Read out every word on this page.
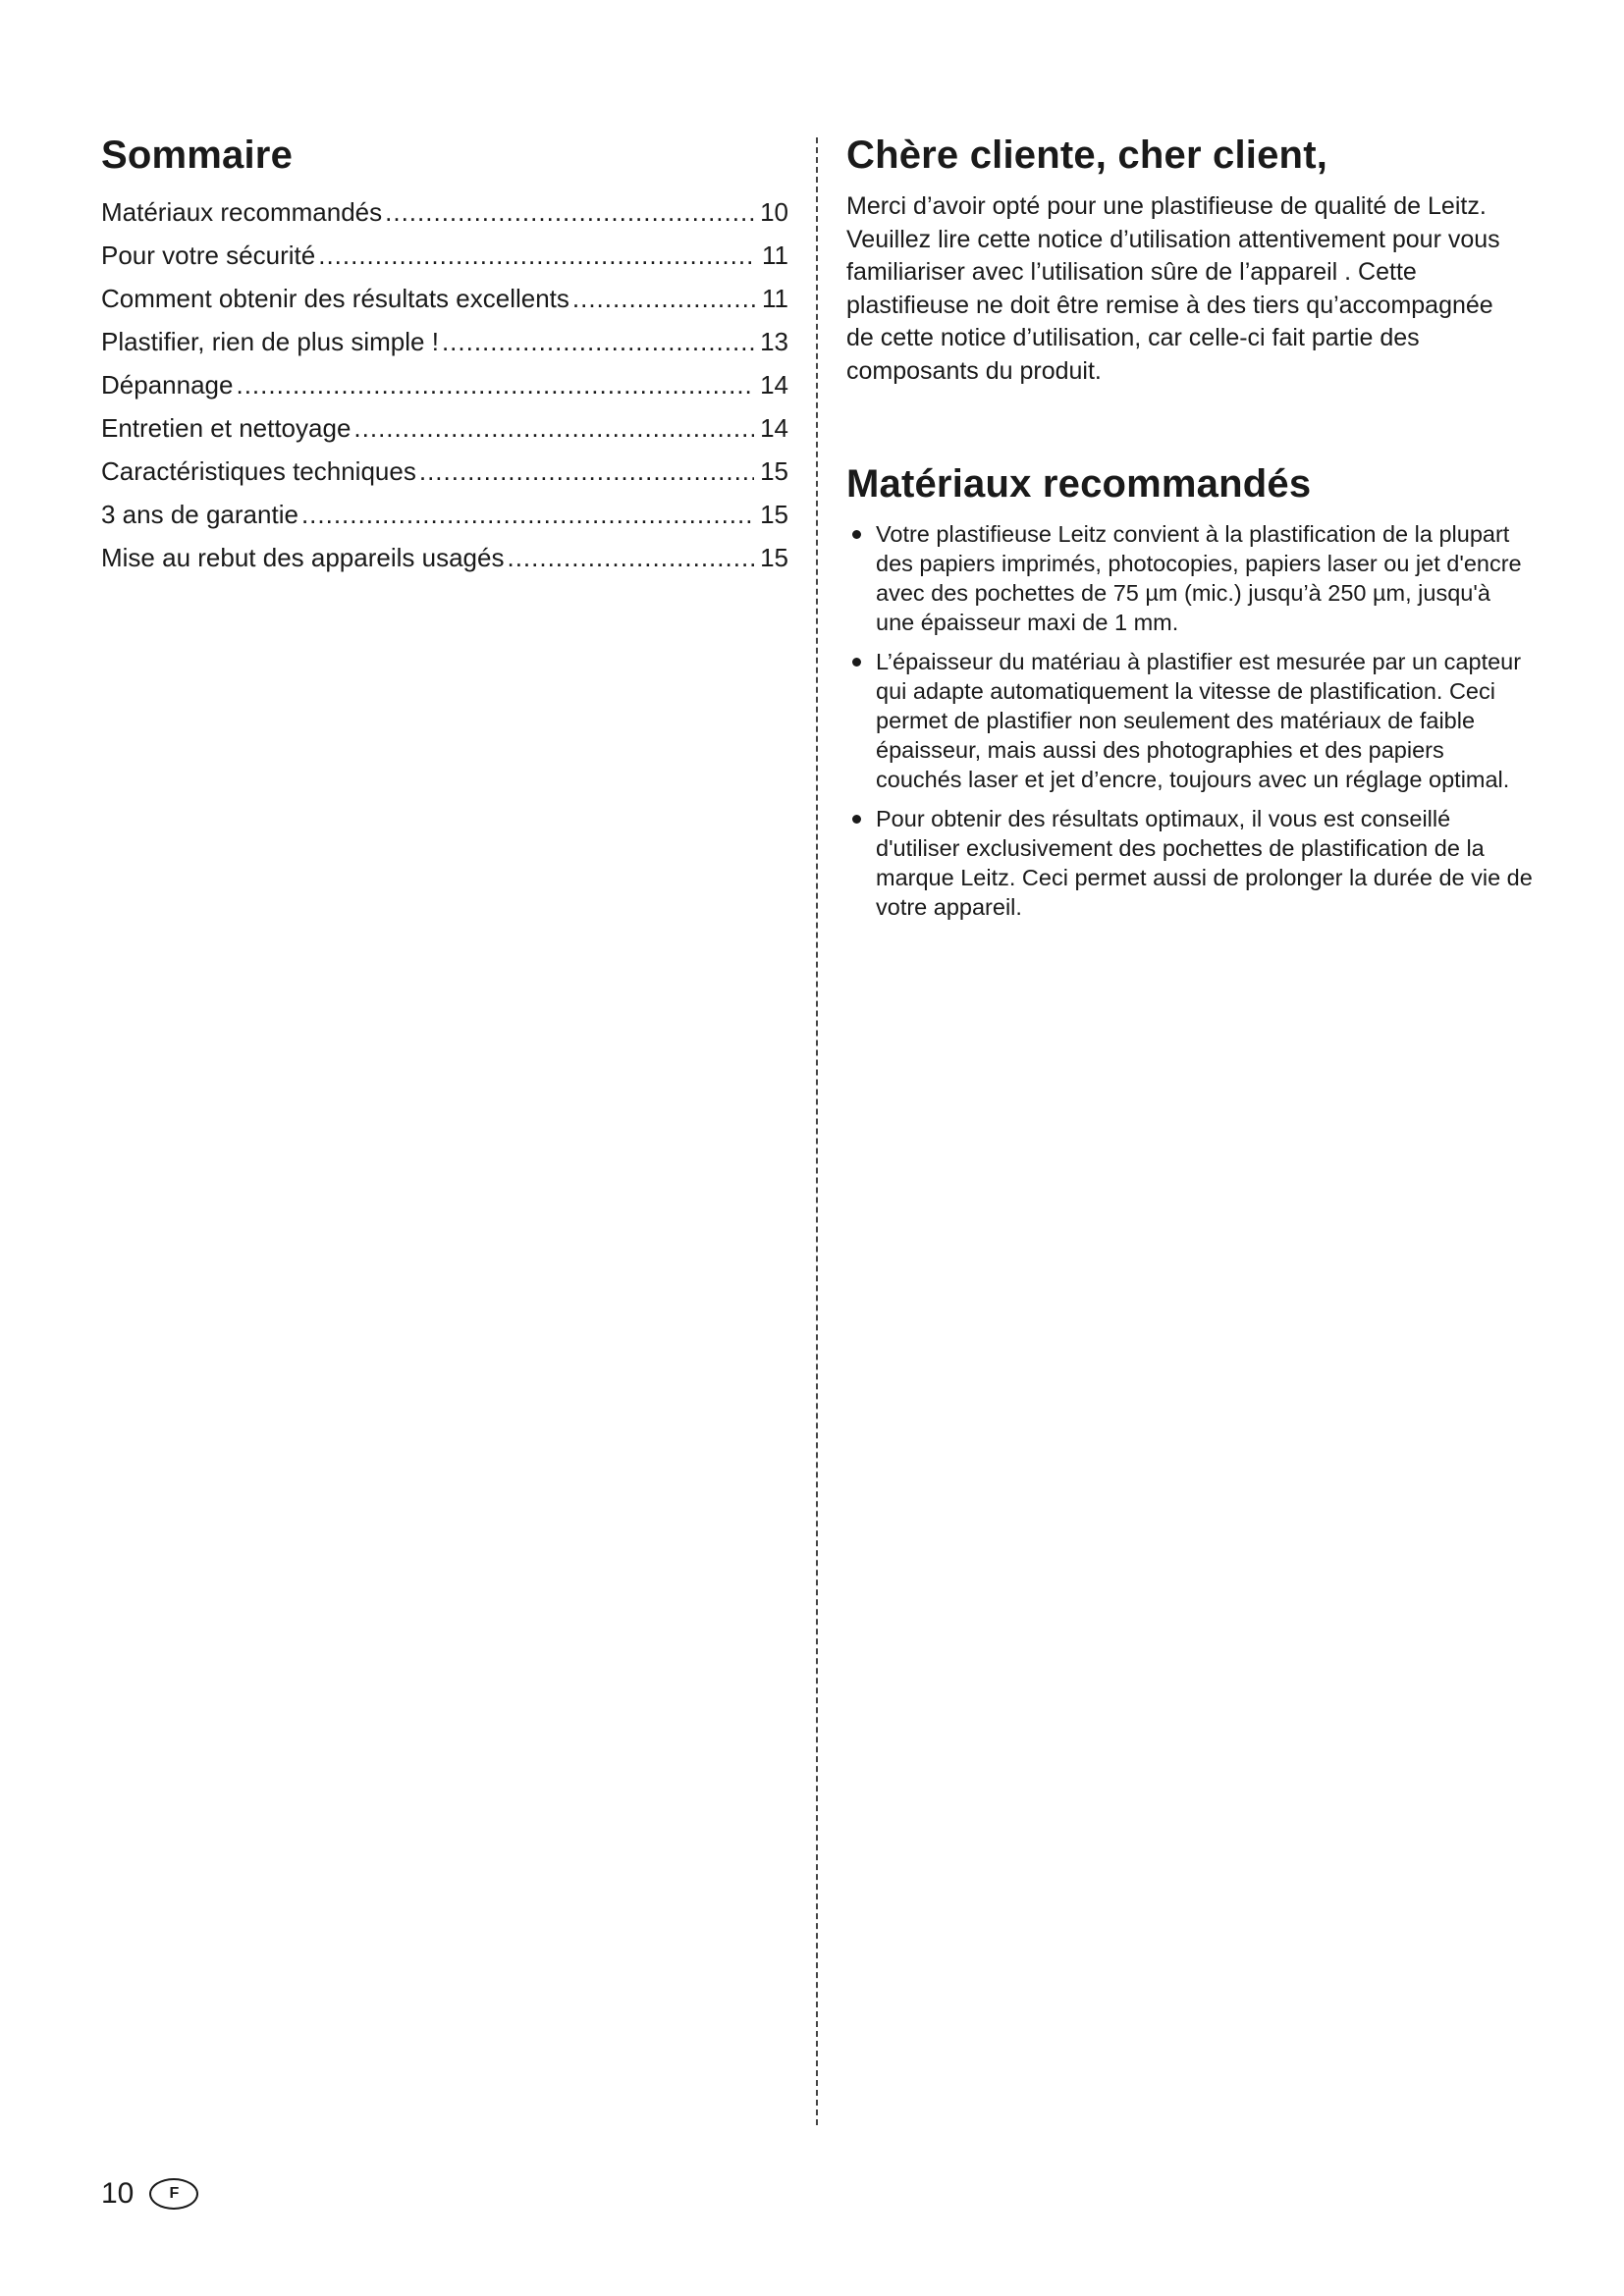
Sommaire
Matériaux recommandés .....	10
Pour votre sécurité .....	11
Comment obtenir des résultats excellents .....	11
Plastifier, rien de plus simple ! .....	13
Dépannage .....	14
Entretien et nettoyage .....	14
Caractéristiques techniques .....	15
3 ans de garantie .....	15
Mise au rebut des appareils usagés .....	15
Chère cliente, cher client,

Merci d’avoir opté pour une plastifieuse de qualité de Leitz. Veuillez lire cette notice d’utilisation attentivement pour vous familiariser avec l’utilisation sûre de l’appareil . Cette plastifieuse ne doit être remise à des tiers qu’accompagnée de cette notice d’utilisation, car celle-ci fait partie des composants du produit.

Matériaux recommandés
Votre plastifieuse Leitz convient à la plastification de la plupart des papiers imprimés, photocopies, papiers laser ou jet d'encre avec des pochettes de 75 µm (mic.) jusqu’à 250 µm, jusqu'à une épaisseur maxi de 1 mm.
L’épaisseur du matériau à plastifier est mesurée par un capteur qui adapte automatiquement la vitesse de plastification. Ceci permet de plastifier non seulement des matériaux de faible épaisseur, mais aussi des photographies et des papiers couchés laser et jet d’encre, toujours avec un réglage optimal.
Pour obtenir des résultats optimaux, il vous est conseillé d'utiliser exclusivement des pochettes de plastification de la marque Leitz. Ceci permet aussi de prolonger la durée de vie de votre appareil.
10	F
